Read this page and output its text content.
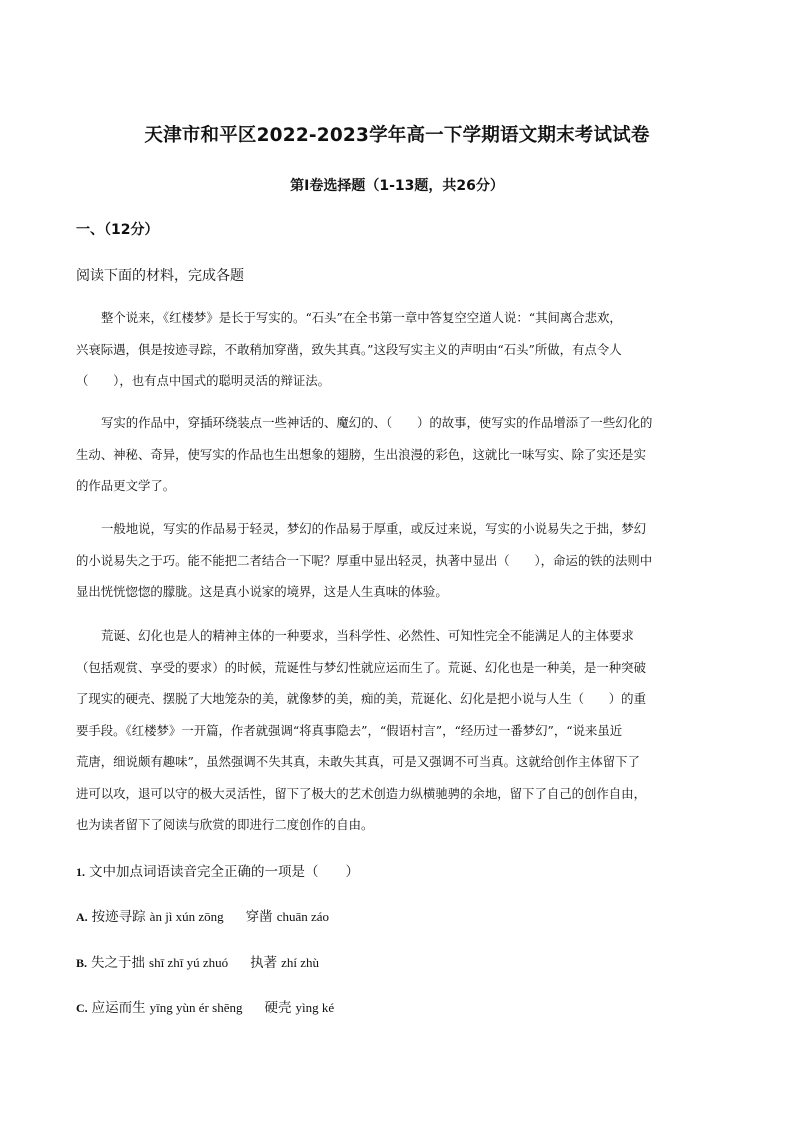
天津市和平区2022-2023学年高一下学期语文期末考试试卷
第I卷选择题（1-13题，共26分）
一、（12分）
阅读下面的材料，完成各题
整个说来，《红楼梦》是长于写实的。“石头”在全书第一章中答复空空道人说：“其间离合悲欢，
兴衰际遇，俱是按迹寻踪，不敢稍加穿凿，致失其真。”这段写实主义的声明由“石头”所做，有点令人
（　　），也有点中国式的聪明灵活的辩证法。
写实的作品中，穿插环绕装点一些神话的、魔幻的、（　　）的故事，使写实的作品增添了一些幻化的
生动、神秘、奇异，使写实的作品也生出想象的翅膀，生出浪漫的彩色，这就比一味写实、除了实还是实
的作品更文学了。
一般地说，写实的作品易于轻灵，梦幻的作品易于厚重，或反过来说，写实的小说易失之于拙，梦幻
的小说易失之于巧。能不能把二者结合一下呢？厚重中显出轻灵，执著中显出（　　），命运的铁的法则中
显出恍恍惚惚的朦胧。这是真小说家的境界，这是人生真味的体验。
荒诞、幻化也是人的精神主体的一种要求，当科学性、必然性、可知性完全不能满足人的主体要求
（包括观赏、享受的要求）的时候，荒诞性与梦幻性就应运而生了。荒诞、幻化也是一种美，是一种突破
了现实的硬壳、摆脱了大地笼杂的美，就像梦的美，痴的美，荒诞化、幻化是把小说与人生（　　）的重
要手段。《红楼梦》一开篇，作者就强调“将真事隐去”，“假语村言”，“经历过一番梦幻”，“说来虽近
荒唐，细说颇有趣味”，虽然强调不失其真，未敢失其真，可是又强调不可当真。这就给创作主体留下了
进可以攻，退可以守的极大灵活性，留下了极大的艺术创造力纵横驰骋的余地，留下了自己的创作自由，
也为读者留下了阅读与欣赏的即进行二度创作的自由。
1. 文中加点词语读音完全正确的一项是（　　）
A. 按迹寻踪 àn jì xún zōng 穿凿 chuān záo
B. 失之于拙 shī zhī yú zhuó 执著 zhí zhù
C. 应运而生 yīng yùn ér shēng 硬壳 yìng ké
